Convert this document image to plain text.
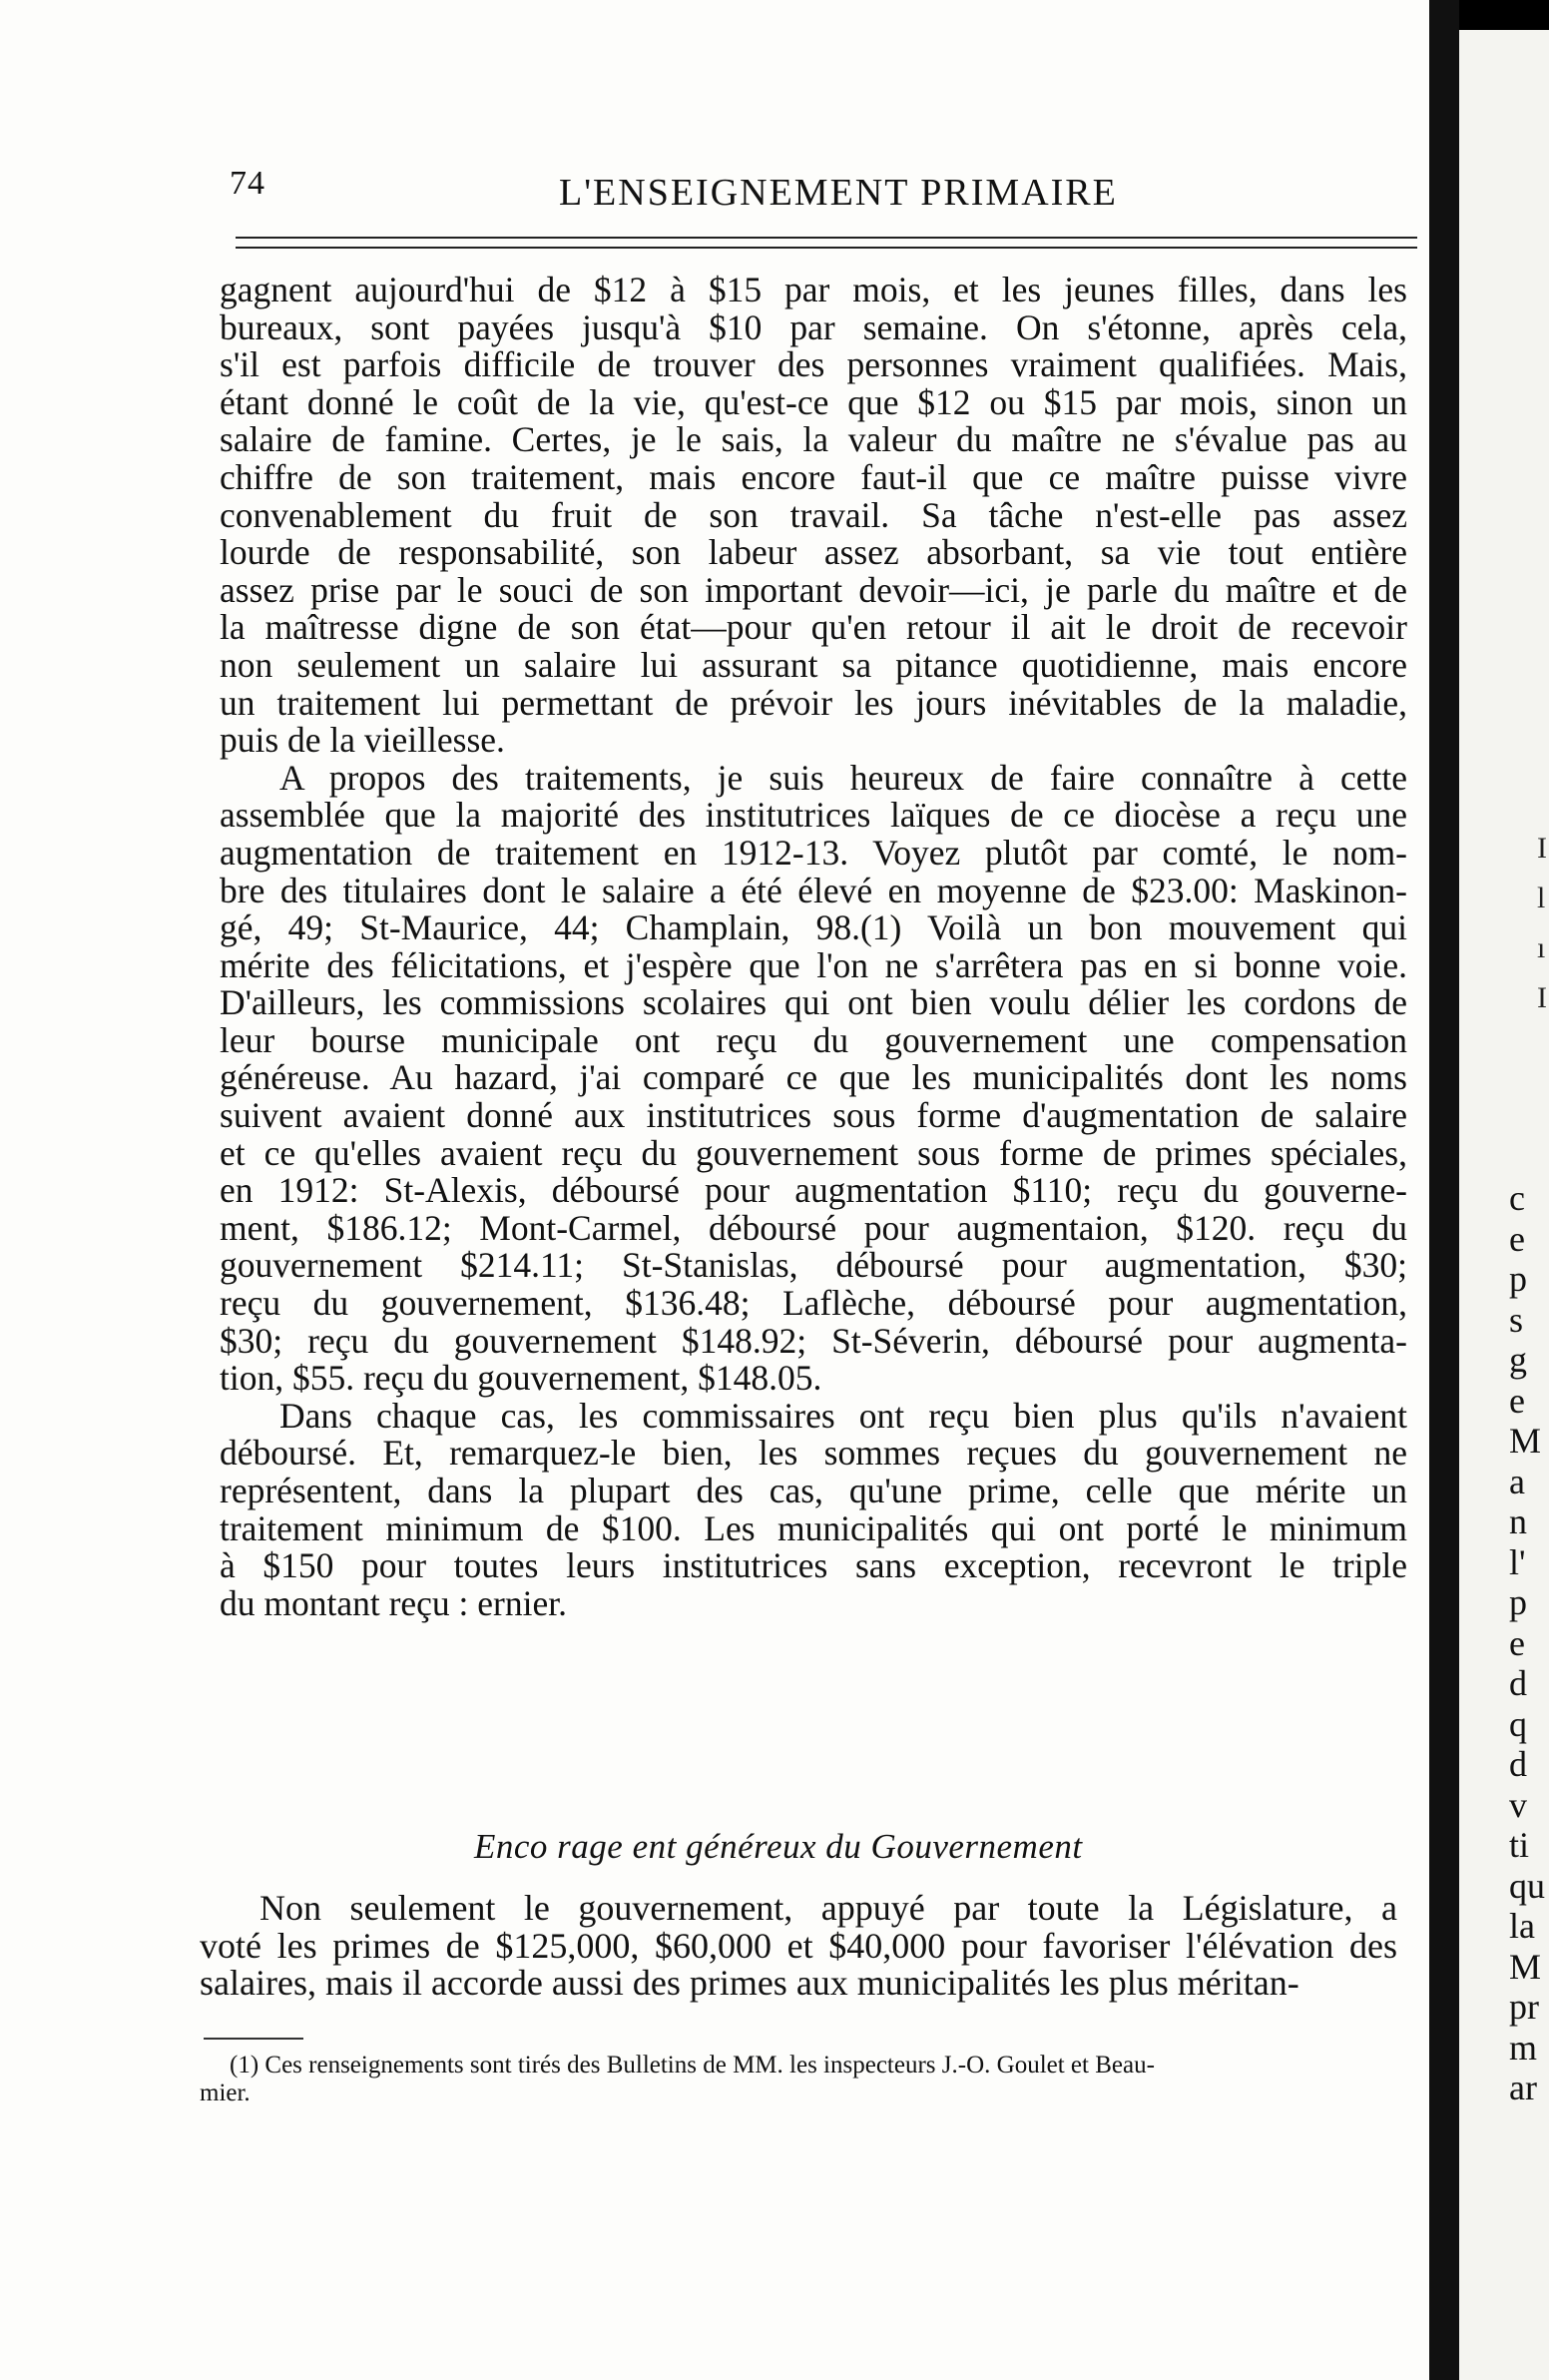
74	L'ENSEIGNEMENT PRIMAIRE

gagnent aujourd'hui de $12 à $15 par mois, et les jeunes filles, dans les
bureaux, sont payées jusqu'à $10 par semaine. On s'étonne, après cela,
s'il est parfois difficile de trouver des personnes vraiment qualifiées. Mais,
étant donné le coût de la vie, qu'est-ce que $12 ou $15 par mois, sinon un
salaire de famine. Certes, je le sais, la valeur du maître ne s'évalue pas au
chiffre de son traitement, mais encore faut-il que ce maître puisse vivre
convenablement du fruit de son travail. Sa tâche n'est-elle pas assez
lourde de responsabilité, son labeur assez absorbant, sa vie tout entière
assez prise par le souci de son important devoir—ici, je parle du maître et de
la maîtresse digne de son état—pour qu'en retour il ait le droit de recevoir
non seulement un salaire lui assurant sa pitance quotidienne, mais encore
un traitement lui permettant de prévoir les jours inévitables de la maladie,
puis de la vieillesse.

A propos des traitements, je suis heureux de faire connaître à cette
assemblée que la majorité des institutrices laïques de ce diocèse a reçu une
augmentation de traitement en 1912-13. Voyez plutôt par comté, le nom-
bre des titulaires dont le salaire a été élevé en moyenne de $23.00: Maskinon-
gé, 49; St-Maurice, 44; Champlain, 98.(1) Voilà un bon mouvement qui
mérite des félicitations, et j'espère que l'on ne s'arrêtera pas en si bonne voie.
D'ailleurs, les commissions scolaires qui ont bien voulu délier les cordons de
leur bourse municipale ont reçu du gouvernement une compensation
généreuse. Au hazard, j'ai comparé ce que les municipalités dont les noms
suivent avaient donné aux institutrices sous forme d'augmentation de salaire
et ce qu'elles avaient reçu du gouvernement sous forme de primes spéciales,
en 1912: St-Alexis, déboursé pour augmentation $110; reçu du gouverne-
ment, $186.12; Mont-Carmel, déboursé pour augmentaion, $120. reçu du
gouvernement $214.11; St-Stanislas, déboursé pour augmentation, $30;
reçu du gouvernement, $136.48; Laflèche, déboursé pour augmentation,
$30; reçu du gouvernement $148.92; St-Séverin, déboursé pour augmenta-
tion, $55. reçu du gouvernement, $148.05.

Dans chaque cas, les commissaires ont reçu bien plus qu'ils n'avaient
déboursé. Et, remarquez-le bien, les sommes reçues du gouvernement ne
représentent, dans la plupart des cas, qu'une prime, celle que mérite un
traitement minimum de $100. Les municipalités qui ont porté le minimum
à $150 pour toutes leurs institutrices sans exception, recevront le triple
du montant reçu : ernier.

Enco rage ent généreux du Gouvernement
Non seulement le gouvernement, appuyé par toute la Législature, a
voté les primes de $125,000, $60,000 et $40,000 pour favoriser l'élévation des
salaires, mais il accorde aussi des primes aux municipalités les plus méritan-
(1) Ces renseignements sont tirés des Bulletins de MM. les inspecteurs J.-O. Goulet et Beau-
mier.
I
l
ı
I
c
e
p
s
g
e
M
a
n
l'
p
e
d
q
d
v
ti
qu
la
M
pr
m
ar
